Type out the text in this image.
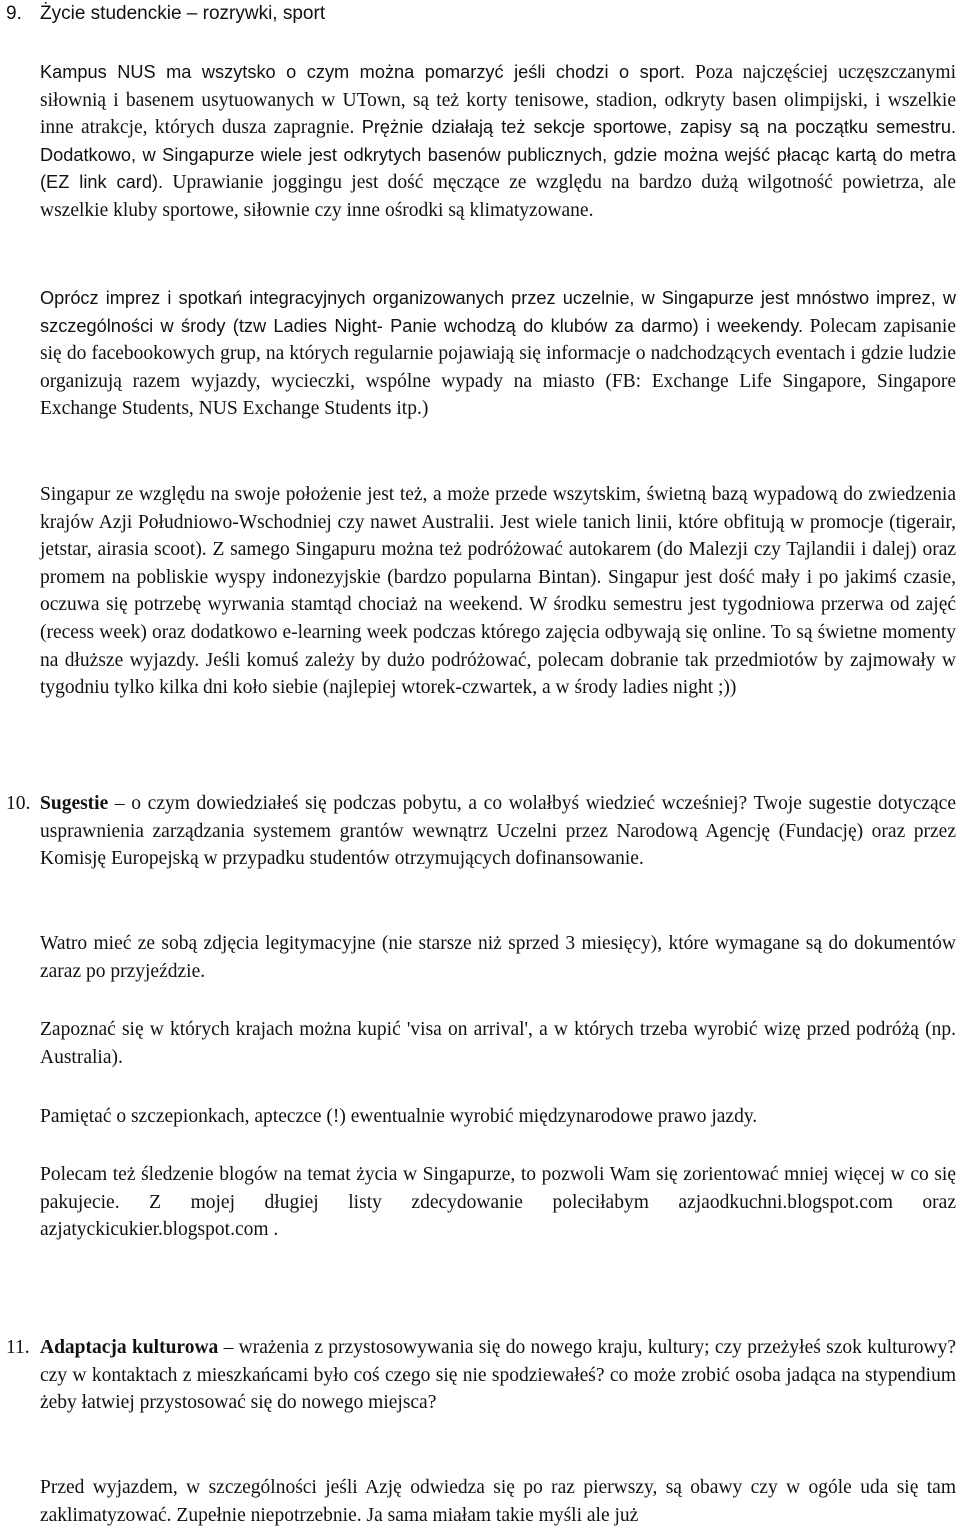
9. Życie studenckie – rozrywki, sport
Kampus NUS ma wszytsko o czym można pomarzyć jeśli chodzi o sport. Poza najczęściej uczęszczanymi siłownią i basenem usytuowanych w UTown, są też korty tenisowe, stadion, odkryty basen olimpijski, i wszelkie inne atrakcje, których dusza zapragnie. Prężnie działają też sekcje sportowe, zapisy są na początku semestru. Dodatkowo, w Singapurze wiele jest odkrytych basenów publicznych, gdzie można wejść płacąc kartą do metra (EZ link card). Uprawianie joggingu jest dość męczące ze względu na bardzo dużą wilgotność powietrza, ale wszelkie kluby sportowe, siłownie czy inne ośrodki są klimatyzowane.
Oprócz imprez i spotkań integracyjnych organizowanych przez uczelnie, w Singapurze jest mnóstwo imprez, w szczególności w środy (tzw Ladies Night- Panie wchodzą do klubów za darmo) i weekendy. Polecam zapisanie się do facebookowych grup, na których regularnie pojawiają się informacje o nadchodzących eventach i gdzie ludzie organizują razem wyjazdy, wycieczki, wspólne wypady na miasto (FB: Exchange Life Singapore, Singapore Exchange Students, NUS Exchange Students itp.)
Singapur ze względu na swoje położenie jest też, a może przede wszytskim, świetną bazą wypadową do zwiedzenia krajów Azji Południowo-Wschodniej czy nawet Australii. Jest wiele tanich linii, które obfitują w promocje (tigerair, jetstar, airasia scoot). Z samego Singapuru można też podróżować autokarem (do Malezji czy Tajlandii i dalej) oraz promem na pobliskie wyspy indonezyjskie (bardzo popularna Bintan). Singapur jest dość mały i po jakimś czasie, oczuwa się potrzebę wyrwania stamtąd chociaż na weekend. W środku semestru jest tygodniowa przerwa od zajęć (recess week) oraz dodatkowo e-learning week podczas którego zajęcia odbywają się online. To są świetne momenty na dłuższe wyjazdy. Jeśli komuś zależy by dużo podróżować, polecam dobranie tak przedmiotów by zajmowały w tygodniu tylko kilka dni koło siebie (najlepiej wtorek-czwartek, a w środy ladies night ;))
10. Sugestie – o czym dowiedziałeś się podczas pobytu, a co wolałbyś wiedzieć wcześniej? Twoje sugestie dotyczące usprawnienia zarządzania systemem grantów wewnątrz Uczelni przez Narodową Agencję (Fundację) oraz przez Komisję Europejską w przypadku studentów otrzymujących dofinansowanie.
Watro mieć ze sobą zdjęcia legitymacyjne (nie starsze niż sprzed 3 miesięcy), które wymagane są do dokumentów zaraz po przyjeździe.
Zapoznać się w których krajach można kupić 'visa on arrival', a w których trzeba wyrobić wizę przed podróżą (np. Australia).
Pamiętać o szczepionkach, apteczce (!) ewentualnie wyrobić międzynarodowe prawo jazdy.
Polecam też śledzenie blogów na temat życia w Singapurze, to pozwoli Wam się zorientować mniej więcej w co się pakujecie. Z mojej długiej listy zdecydowanie poleciłabym azjaodkuchni.blogspot.com oraz azjatyckicukier.blogspot.com .
11. Adaptacja kulturowa – wrażenia z przystosowywania się do nowego kraju, kultury; czy przeżyłeś szok kulturowy? czy w kontaktach z mieszkańcami było coś czego się nie spodziewałeś? co może zrobić osoba jadąca na stypendium żeby łatwiej przystosować się do nowego miejsca?
Przed wyjazdem, w szczególności jeśli Azję odwiedza się po raz pierwszy, są obawy czy w ogóle uda się tam zaklimatyzować. Zupełnie niepotrzebnie. Ja sama miałam takie myśli ale już
